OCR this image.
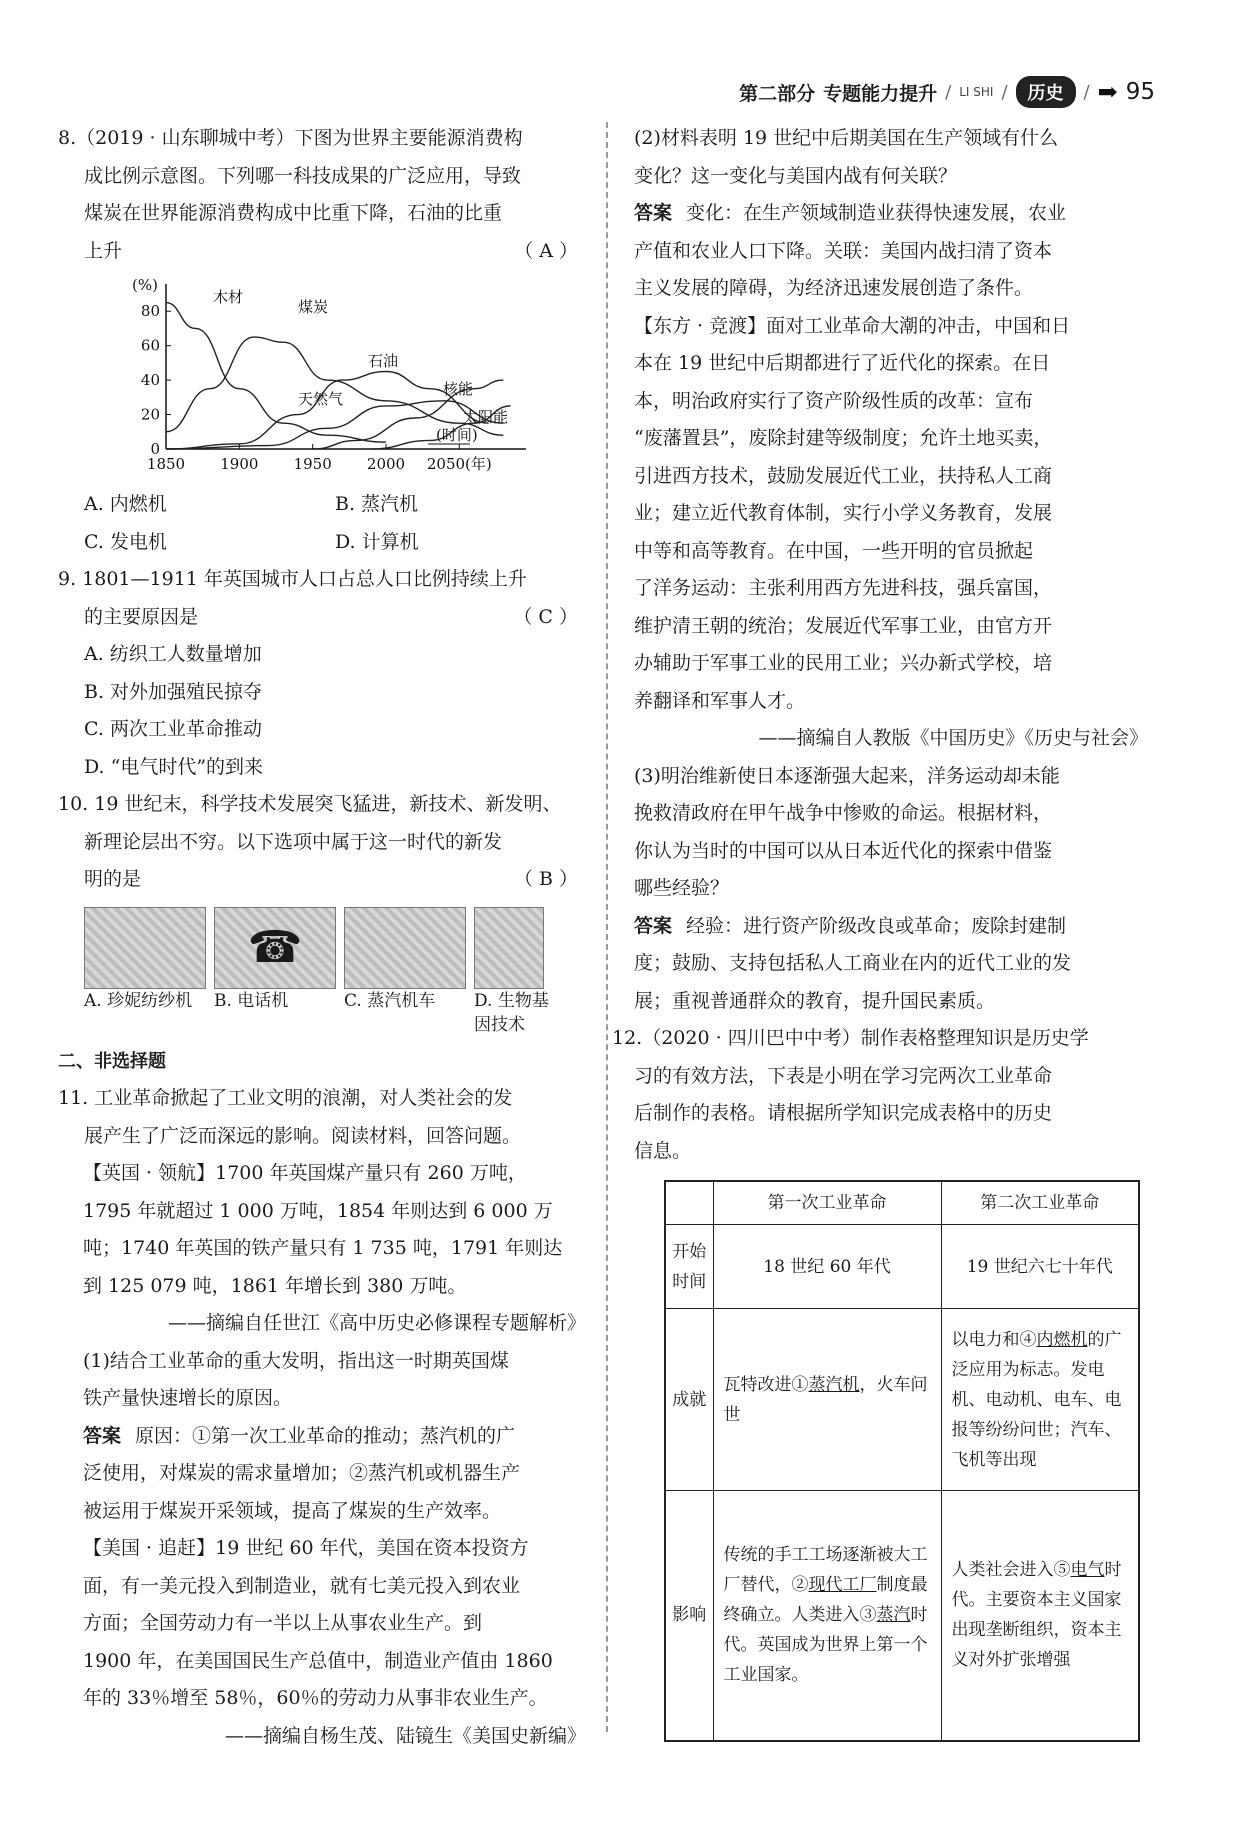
第二部分 专题能力提升 / LI SHI /	历史	/ ➡ 95
8.（2019 · 山东聊城中考）下图为世界主要能源消费构
成比例示意图。下列哪一科技成果的广泛应用，导致
煤炭在世界能源消费构成中比重下降，石油的比重
上升	（ A ）
(%)
0
20
40
60
80
1850 1900 1950 2000 2050(年)
木材
煤炭
石油
天然气
核能
太阳能
(时间)
A. 内燃机	B. 蒸汽机
C. 发电机	D. 计算机
9. 1801—1911 年英国城市人口占总人口比例持续上升
的主要原因是	（ C ）
A. 纺织工人数量增加
B. 对外加强殖民掠夺
C. 两次工业革命推动
D. “电气时代”的到来
10. 19 世纪末，科学技术发展突飞猛进，新技术、新发明、
新理论层出不穷。以下选项中属于这一时代的新发
明的是	（ B ）
☎
A. 珍妮纺纱机	B. 电话机	C. 蒸汽机车	D. 生物基因技术
二、非选择题
11. 工业革命掀起了工业文明的浪潮，对人类社会的发
展产生了广泛而深远的影响。阅读材料，回答问题。
【英国 · 领航】1700 年英国煤产量只有 260 万吨，
1795 年就超过 1 000 万吨，1854 年则达到 6 000 万
吨；1740 年英国的铁产量只有 1 735 吨，1791 年则达
到 125 079 吨，1861 年增长到 380 万吨。
——摘编自任世江《高中历史必修课程专题解析》
(1)结合工业革命的重大发明，指出这一时期英国煤
铁产量快速增长的原因。
答案 原因：①第一次工业革命的推动；蒸汽机的广
泛使用，对煤炭的需求量增加；②蒸汽机或机器生产
被运用于煤炭开采领域，提高了煤炭的生产效率。
【美国 · 追赶】19 世纪 60 年代，美国在资本投资方
面，有一美元投入到制造业，就有七美元投入到农业
方面；全国劳动力有一半以上从事农业生产。到
1900 年，在美国国民生产总值中，制造业产值由 1860
年的 33％增至 58％，60％的劳动力从事非农业生产。
——摘编自杨生茂、陆镜生《美国史新编》
(2)材料表明 19 世纪中后期美国在生产领域有什么
变化？这一变化与美国内战有何关联？
答案 变化：在生产领域制造业获得快速发展，农业
产值和农业人口下降。关联：美国内战扫清了资本
主义发展的障碍，为经济迅速发展创造了条件。
【东方 · 竞渡】面对工业革命大潮的冲击，中国和日
本在 19 世纪中后期都进行了近代化的探索。在日
本，明治政府实行了资产阶级性质的改革：宣布
“废藩置县”，废除封建等级制度；允许土地买卖，
引进西方技术，鼓励发展近代工业，扶持私人工商
业；建立近代教育体制，实行小学义务教育，发展
中等和高等教育。在中国，一些开明的官员掀起
了洋务运动：主张利用西方先进科技，强兵富国，
维护清王朝的统治；发展近代军事工业，由官方开
办辅助于军事工业的民用工业；兴办新式学校，培
养翻译和军事人才。
——摘编自人教版《中国历史》《历史与社会》
(3)明治维新使日本逐渐强大起来，洋务运动却未能
挽救清政府在甲午战争中惨败的命运。根据材料，
你认为当时的中国可以从日本近代化的探索中借鉴
哪些经验？
答案 经验：进行资产阶级改良或革命；废除封建制
度；鼓励、支持包括私人工商业在内的近代工业的发
展；重视普通群众的教育，提升国民素质。
12.（2020 · 四川巴中中考）制作表格整理知识是历史学
习的有效方法，下表是小明在学习完两次工业革命
后制作的表格。请根据所学知识完成表格中的历史
信息。
	第一次工业革命	第二次工业革命
开始时间	18 世纪 60 年代	19 世纪六七十年代
成就	瓦特改进①蒸汽机，火车问世	以电力和④内燃机的广泛应用为标志。发电机、电动机、电车、电报等纷纷问世；汽车、飞机等出现
影响	传统的手工工场逐渐被大工厂替代，②现代工厂制度最终确立。人类进入③蒸汽时代。英国成为世界上第一个工业国家。	人类社会进入⑤电气时代。主要资本主义国家出现垄断组织，资本主义对外扩张增强
